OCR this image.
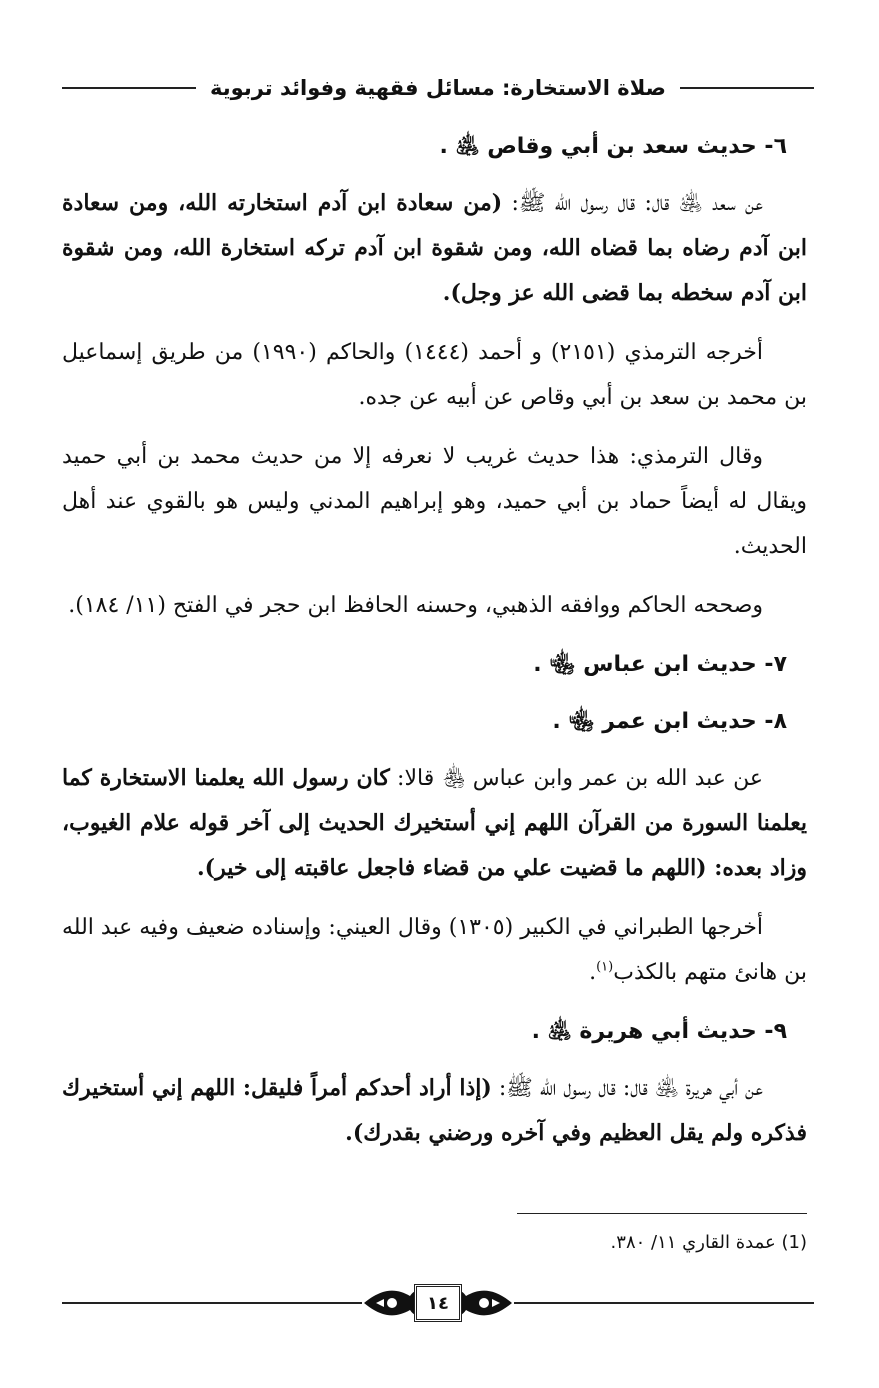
صلاة الاستخارة: مسائل فقهية وفوائد تربوية

٦- حديث سعد بن أبي وقاص ﵁ .

عن سعد ﵁ قال: قال رسول الله ﷺ: (من سعادة ابن آدم استخارته الله، ومن سعادة ابن آدم رضاه بما قضاه الله، ومن شقوة ابن آدم تركه استخارة الله، ومن شقوة ابن آدم سخطه بما قضى الله عز وجل).

أخرجه الترمذي (٢١٥١) و أحمد (١٤٤٤) والحاكم (١٩٩٠) من طريق إسماعيل بن محمد بن سعد بن أبي وقاص عن أبيه عن جده.

وقال الترمذي: هذا حديث غريب لا نعرفه إلا من حديث محمد بن أبي حميد ويقال له أيضاً حماد بن أبي حميد، وهو إبراهيم المدني وليس هو بالقوي عند أهل الحديث.

وصححه الحاكم ووافقه الذهبي، وحسنه الحافظ ابن حجر في الفتح (١١/ ١٨٤).

٧- حديث ابن عباس ﵄ .

٨- حديث ابن عمر ﵄ .

عن عبد الله بن عمر وابن عباس ﵃ قالا: كان رسول الله يعلمنا الاستخارة كما يعلمنا السورة من القرآن اللهم إني أستخيرك الحديث إلى آخر قوله علام الغيوب، وزاد بعده: (اللهم ما قضيت علي من قضاء فاجعل عاقبته إلى خير).

أخرجها الطبراني في الكبير (١٣٠٥) وقال العيني: وإسناده ضعيف وفيه عبد الله بن هانئ متهم بالكذب$^{(١)}$.

٩- حديث أبي هريرة ﵁ .

عن أبي هريرة ﵁ قال: قال رسول الله ﷺ: (إذا أراد أحدكم أمراً فليقل: اللهم إني أستخيرك فذكره ولم يقل العظيم وفي آخره ورضني بقدرك).

(1) عمدة القاري ١١/ ٣٨٠.
١٤
